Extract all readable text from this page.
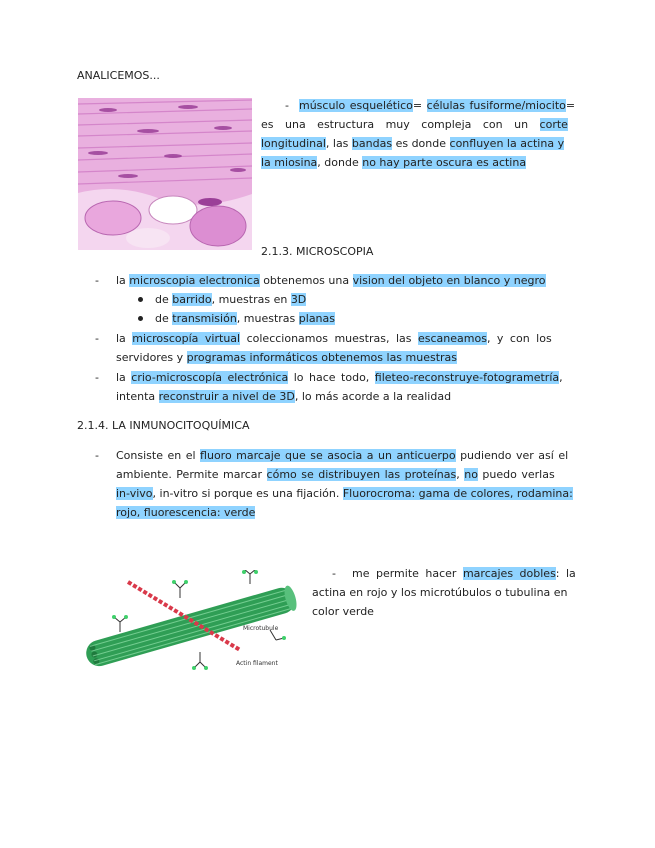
ANALICEMOS...
- músculo esquelético= células fusiforme/miocito=
es una estructura muy compleja con un corte
longitudinal, las bandas es donde confluyen la actina y
la miosina, donde no hay parte oscura es actina
2.1.3. MICROSCOPIA
- la microscopia electronica obtenemos una vision del objeto en blanco y negro
de barrido, muestras en 3D
de transmisión, muestras planas
- la microscopía virtual coleccionamos muestras, las escaneamos, y con los
servidores y programas informáticos obtenemos las muestras
- la crio-microscopía electrónica lo hace todo, fileteo-reconstruye-fotogrametría,
intenta reconstruir a nivel de 3D, lo más acorde a la realidad
2.1.4. LA INMUNOCITOQUÍMICA
- Consiste en el fluoro marcaje que se asocia a un anticuerpo pudiendo ver así el
ambiente. Permite marcar cómo se distribuyen las proteínas, no puedo verlas
in-vivo, in-vitro si porque es una fijación. Fluorocroma: gama de colores, rodamina:
rojo, fluorescencia: verde
Microtubule
Actin filament
- me permite hacer marcajes dobles: la
actina en rojo y los microtúbulos o tubulina en
color verde
